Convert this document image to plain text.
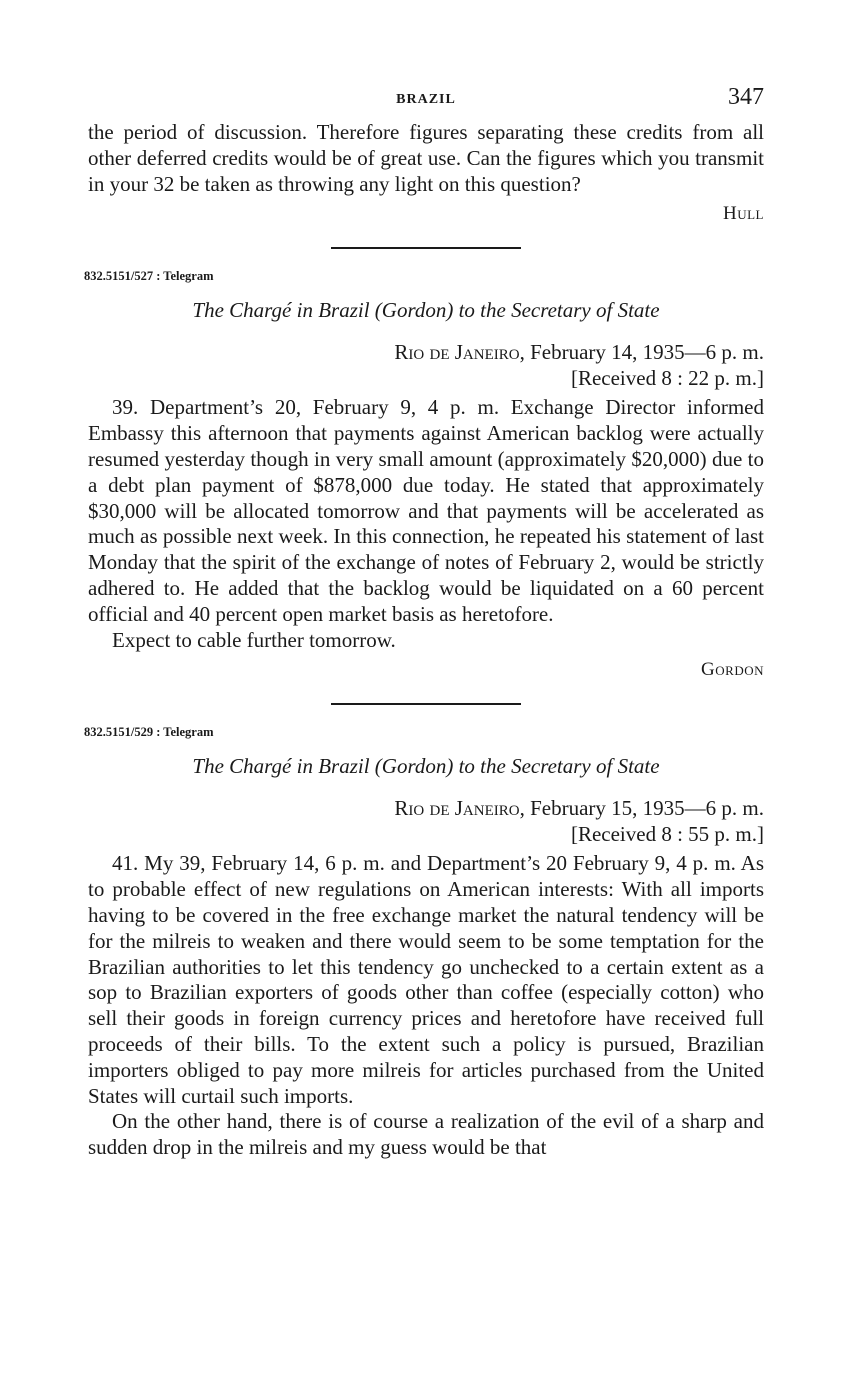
BRAZIL	347

the period of discussion. Therefore figures separating these credits from all other deferred credits would be of great use. Can the figures which you transmit in your 32 be taken as throwing any light on this question?

Hull
832.5151/527 : Telegram
The Chargé in Brazil (Gordon) to the Secretary of State
Rio de Janeiro, February 14, 1935—6 p. m.
[Received 8 : 22 p. m.]

39. Department’s 20, February 9, 4 p. m. Exchange Director informed Embassy this afternoon that payments against American backlog were actually resumed yesterday though in very small amount (approximately $20,000) due to a debt plan payment of $878,000 due today. He stated that approximately $30,000 will be allocated tomorrow and that payments will be accelerated as much as possible next week. In this connection, he repeated his statement of last Monday that the spirit of the exchange of notes of February 2, would be strictly adhered to. He added that the backlog would be liquidated on a 60 percent official and 40 percent open market basis as heretofore.

Expect to cable further tomorrow.

Gordon
832.5151/529 : Telegram
The Chargé in Brazil (Gordon) to the Secretary of State
Rio de Janeiro, February 15, 1935—6 p. m.
[Received 8 : 55 p. m.]

41. My 39, February 14, 6 p. m. and Department’s 20 February 9, 4 p. m. As to probable effect of new regulations on American interests: With all imports having to be covered in the free exchange market the natural tendency will be for the milreis to weaken and there would seem to be some temptation for the Brazilian authorities to let this tendency go unchecked to a certain extent as a sop to Brazilian exporters of goods other than coffee (especially cotton) who sell their goods in foreign currency prices and heretofore have received full proceeds of their bills. To the extent such a policy is pursued, Brazilian importers obliged to pay more milreis for articles purchased from the United States will curtail such imports.

On the other hand, there is of course a realization of the evil of a sharp and sudden drop in the milreis and my guess would be that
